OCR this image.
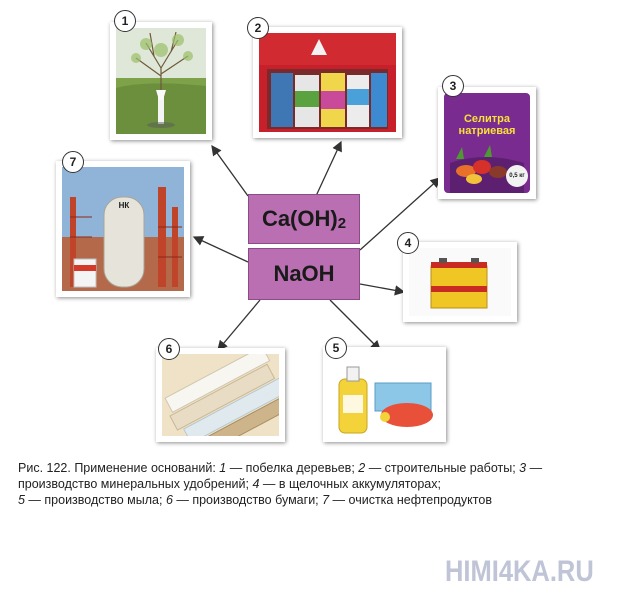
1	2
Селитра
натриевая
0,5 кг
3
4
5
6
НК
7
$Ca(OH)_2$
NaOH
Рис. 122. Применение оснований: 1 — побелка деревьев; 2 — строительные работы; 3 — производство минеральных удобрений; 4 — в щелочных аккумуляторах;
5 — производство мыла; 6 — производство бумаги; 7 — очистка нефтепродуктов
HIMI4KA.RU
